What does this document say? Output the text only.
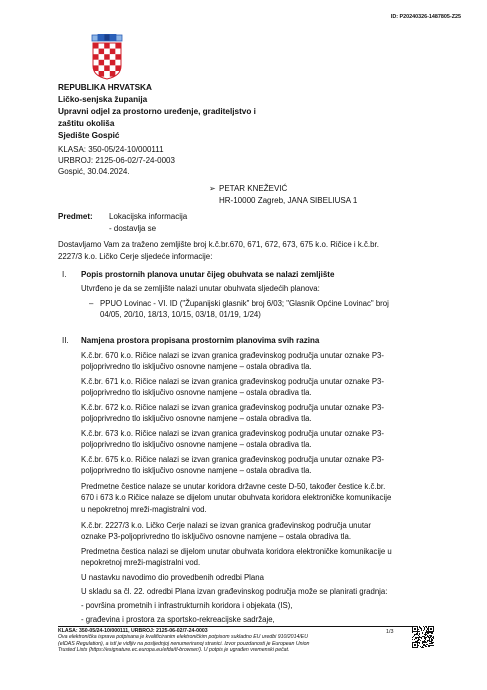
ID: P20240326-1487805-Z25
REPUBLIKA HRVATSKA
Ličko-senjska županija
Upravni odjel za prostorno uređenje, graditeljstvo i
zaštitu okoliša
Sjedište Gospić
KLASA: 350-05/24-10/000111
URBROJ: 2125-06-02/7-24-0003
Gospić, 30.04.2024.
➢ PETAR KNEŽEVIĆ
HR-10000 Zagreb, JANA SIBELIUSA 1
Predmet:	Lokacijska informacija
- dostavlja se
Dostavljamo Vam za traženo zemljište broj k.č.br.670, 671, 672, 673, 675 k.o. Ričice i k.č.br.
2227/3 k.o. Ličko Cerje sljedeće informacije:
I. Popis prostornih planova unutar čijeg obuhvata se nalazi zemljište
Utvrđeno je da se zemljište nalazi unutar obuhvata sljedećih planova:
– PPUO Lovinac - VI. ID ("Županijski glasnik" broj 6/03; "Glasnik Općine Lovinac" broj
04/05, 20/10, 18/13, 10/15, 03/18, 01/19, 1/24)
II. Namjena prostora propisana prostornim planovima svih razina
K.č.br. 670 k.o. Ričice nalazi se izvan granica građevinskog područja unutar oznake P3-
poljoprivredno tlo isključivo osnovne namjene – ostala obradiva tla.
K.č.br. 671 k.o. Ričice nalazi se izvan granica građevinskog područja unutar oznake P3-
poljoprivredno tlo isključivo osnovne namjene – ostala obradiva tla.
K.č.br. 672 k.o. Ričice nalazi se izvan granica građevinskog područja unutar oznake P3-
poljoprivredno tlo isključivo osnovne namjene – ostala obradiva tla.
K.č.br. 673 k.o. Ričice nalazi se izvan granica građevinskog područja unutar oznake P3-
poljoprivredno tlo isključivo osnovne namjene – ostala obradiva tla.
K.č.br. 675 k.o. Ričice nalazi se izvan granica građevinskog područja unutar oznake P3-
poljoprivredno tlo isključivo osnovne namjene – ostala obradiva tla.
Predmetne čestice nalaze se unutar koridora državne ceste D-50, također čestice k.č.br.
670 i 673 k.o Ričice nalaze se dijelom unutar obuhvata koridora elektroničke komunikacije
u nepokretnoj mreži-magistralni vod.
K.č.br. 2227/3 k.o. Ličko Cerje nalazi se izvan granica građevinskog područja unutar
oznake P3-poljoprivredno tlo isključivo osnovne namjene – ostala obradiva tla.
Predmetna čestica nalazi se dijelom unutar obuhvata koridora elektroničke komunikacije u
nepokretnoj mreži-magistralni vod.
U nastavku navodimo dio provedbenih odredbi Plana
U skladu sa čl. 22. odredbi Plana izvan građevinskog područja može se planirati gradnja:
- površina prometnih i infrastrukturnih koridora i objekata (IS),
- građevina i prostora za sportsko-rekreacijske sadržaje,
KLASA: 350-05/24-10/000111, URBROJ: 2125-06-02/7-24-0003
Ova elektronička isprava potpisana je kvalificiranim elektroničkim potpisom sukladno EU uredbi 910/2014/EU
(eIDAS Regulation), a istl je vidljiv na posljednjoj nenumeriranoj stranici. Izvor pouzdanosti je European Union
Trusted Lists (https://esignature.ec.europa.eu/efda/tl-browser/). U potpis je ugrađen vremenski pečat.
1/3
